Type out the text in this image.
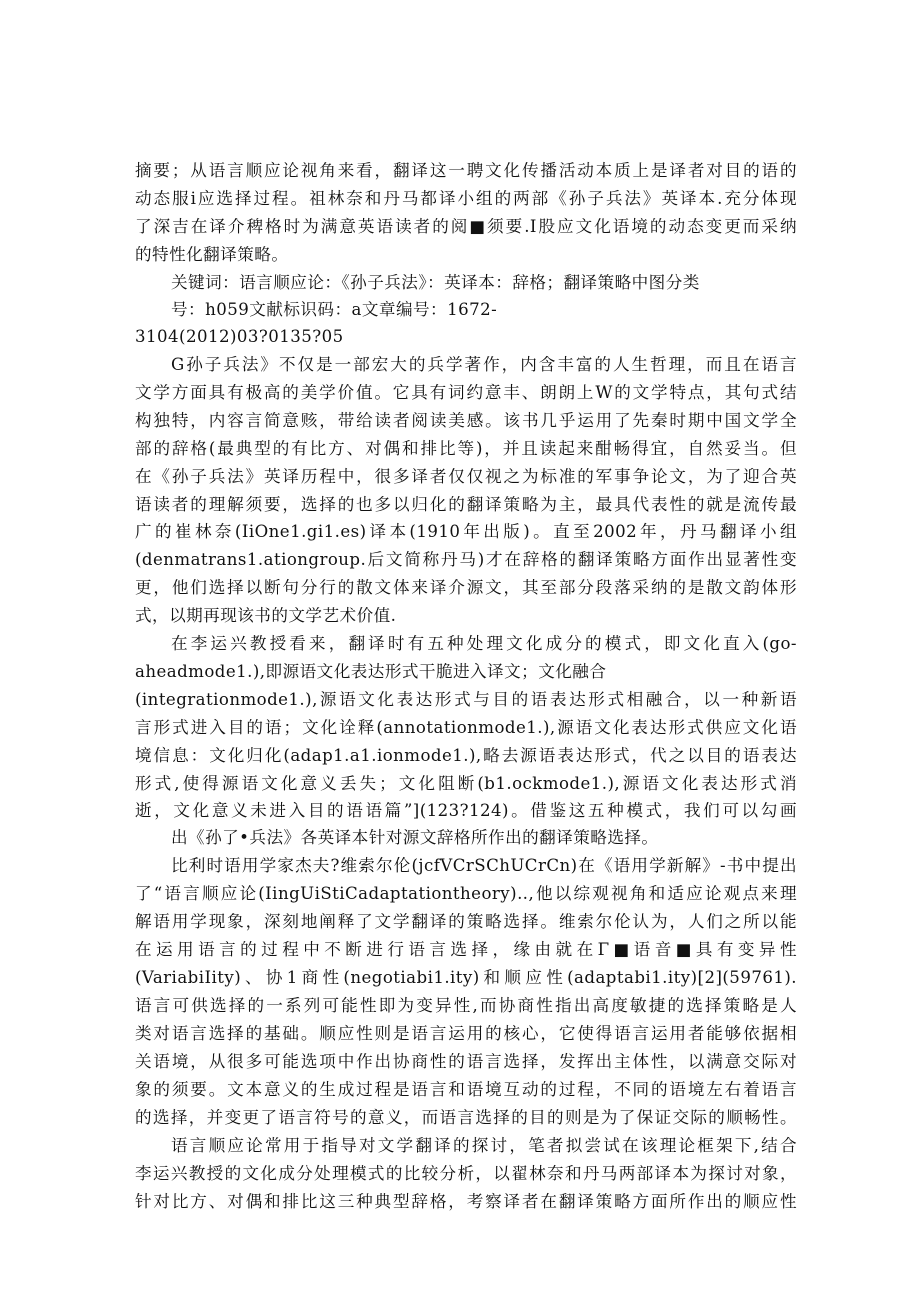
摘要；从语言顺应论视角来看，翻译这一聘文化传播活动本质上是译者对目的语的
动态服i应选择过程。祖林奈和丹马都译小组的两部《孙子兵法》英译本.充分体现
了深吉在译介稗格时为满意英语读者的阅■须要.I股应文化语境的动态变更而采纳
的特性化翻译策略。
关键词：语言顺应论：《孙子兵法》：英译本：辞格；翻译策略中图分类
号：h059文献标识码：a文章编号：1672-
3104(2012)03?0135?05
G孙子兵法》不仅是一部宏大的兵学著作，内含丰富的人生哲理，而且在语言
文学方面具有极高的美学价值。它具有词约意丰、朗朗上W的文学特点，其句式结
构独特，内容言简意赅，带给读者阅读美感。该书几乎运用了先秦时期中国文学全
部的辞格(最典型的有比方、对偶和排比等)，并且读起来酣畅得宜，自然妥当。但
在《孙子兵法》英译历程中，很多译者仅仅视之为标准的军事争论文，为了迎合英
语读者的理解须要，选择的也多以归化的翻译策略为主，最具代表性的就是流传最
广的崔林奈(IiOne1.gi1.es)译本(1910年出版)。直至2002年，丹马翻译小组
(denmatrans1.ationgroup.后文简称丹马)才在辞格的翻译策略方面作出显著性变
更，他们选择以断句分行的散文体来译介源文，其至部分段落采纳的是散文韵体形
式，以期再现该书的文学艺术价值.
在李运兴教授看来，翻译时有五种处理文化成分的模式，即文化直入(go-
aheadmode1.),即源语文化表达形式干脆进入译文；文化融合
(integrationmode1.),源语文化表达形式与目的语表达形式相融合，以一种新语
言形式进入目的语；文化诠释(annotationmode1.),源语文化表达形式供应文化语
境信息：文化归化(adap1.a1.ionmode1.),略去源语表达形式，代之以目的语表达
形式,使得源语文化意义丢失；文化阻断(b1.ockmode1.),源语文化表达形式消
逝，文化意义未进入目的语语篇”](123?124)。借鉴这五种模式，我们可以勾画
出《孙了•兵法》各英译本针对源文辞格所作出的翻译策略选择。
比利时语用学家杰夫?维索尔伦(jcfVCrSChUCrCn)在《语用学新解》-书中提出
了“语言顺应论(IingUiStiCadaptationtheory)‥,他以综观视角和适应论观点来理
解语用学现象，深刻地阐释了文学翻译的策略选择。维索尔伦认为，人们之所以能
在运用语言的过程中不断进行语言选择，缘由就在Γ■语音■具有变异性
(VariabiIity)、协1商性(negotiabi1.ity)和顺应性(adaptabi1.ity)[2](59761).
语言可供选择的一系列可能性即为变异性,而协商性指出高度敏捷的选择策略是人
类对语言选择的基础。顺应性则是语言运用的核心，它使得语言运用者能够依据相
关语境，从很多可能选项中作出协商性的语言选择，发挥出主体性，以满意交际对
象的须要。文本意义的生成过程是语言和语境互动的过程，不同的语境左右着语言
的选择，并变更了语言符号的意义，而语言选择的目的则是为了保证交际的顺畅性。
语言顺应论常用于指导对文学翻译的探讨，笔者拟尝试在该理论框架下,结合
李运兴教授的文化成分处理模式的比较分析，以翟林奈和丹马两部译本为探讨对象，
针对比方、对偶和排比这三种典型辞格，考察译者在翻译策略方面所作出的顺应性
